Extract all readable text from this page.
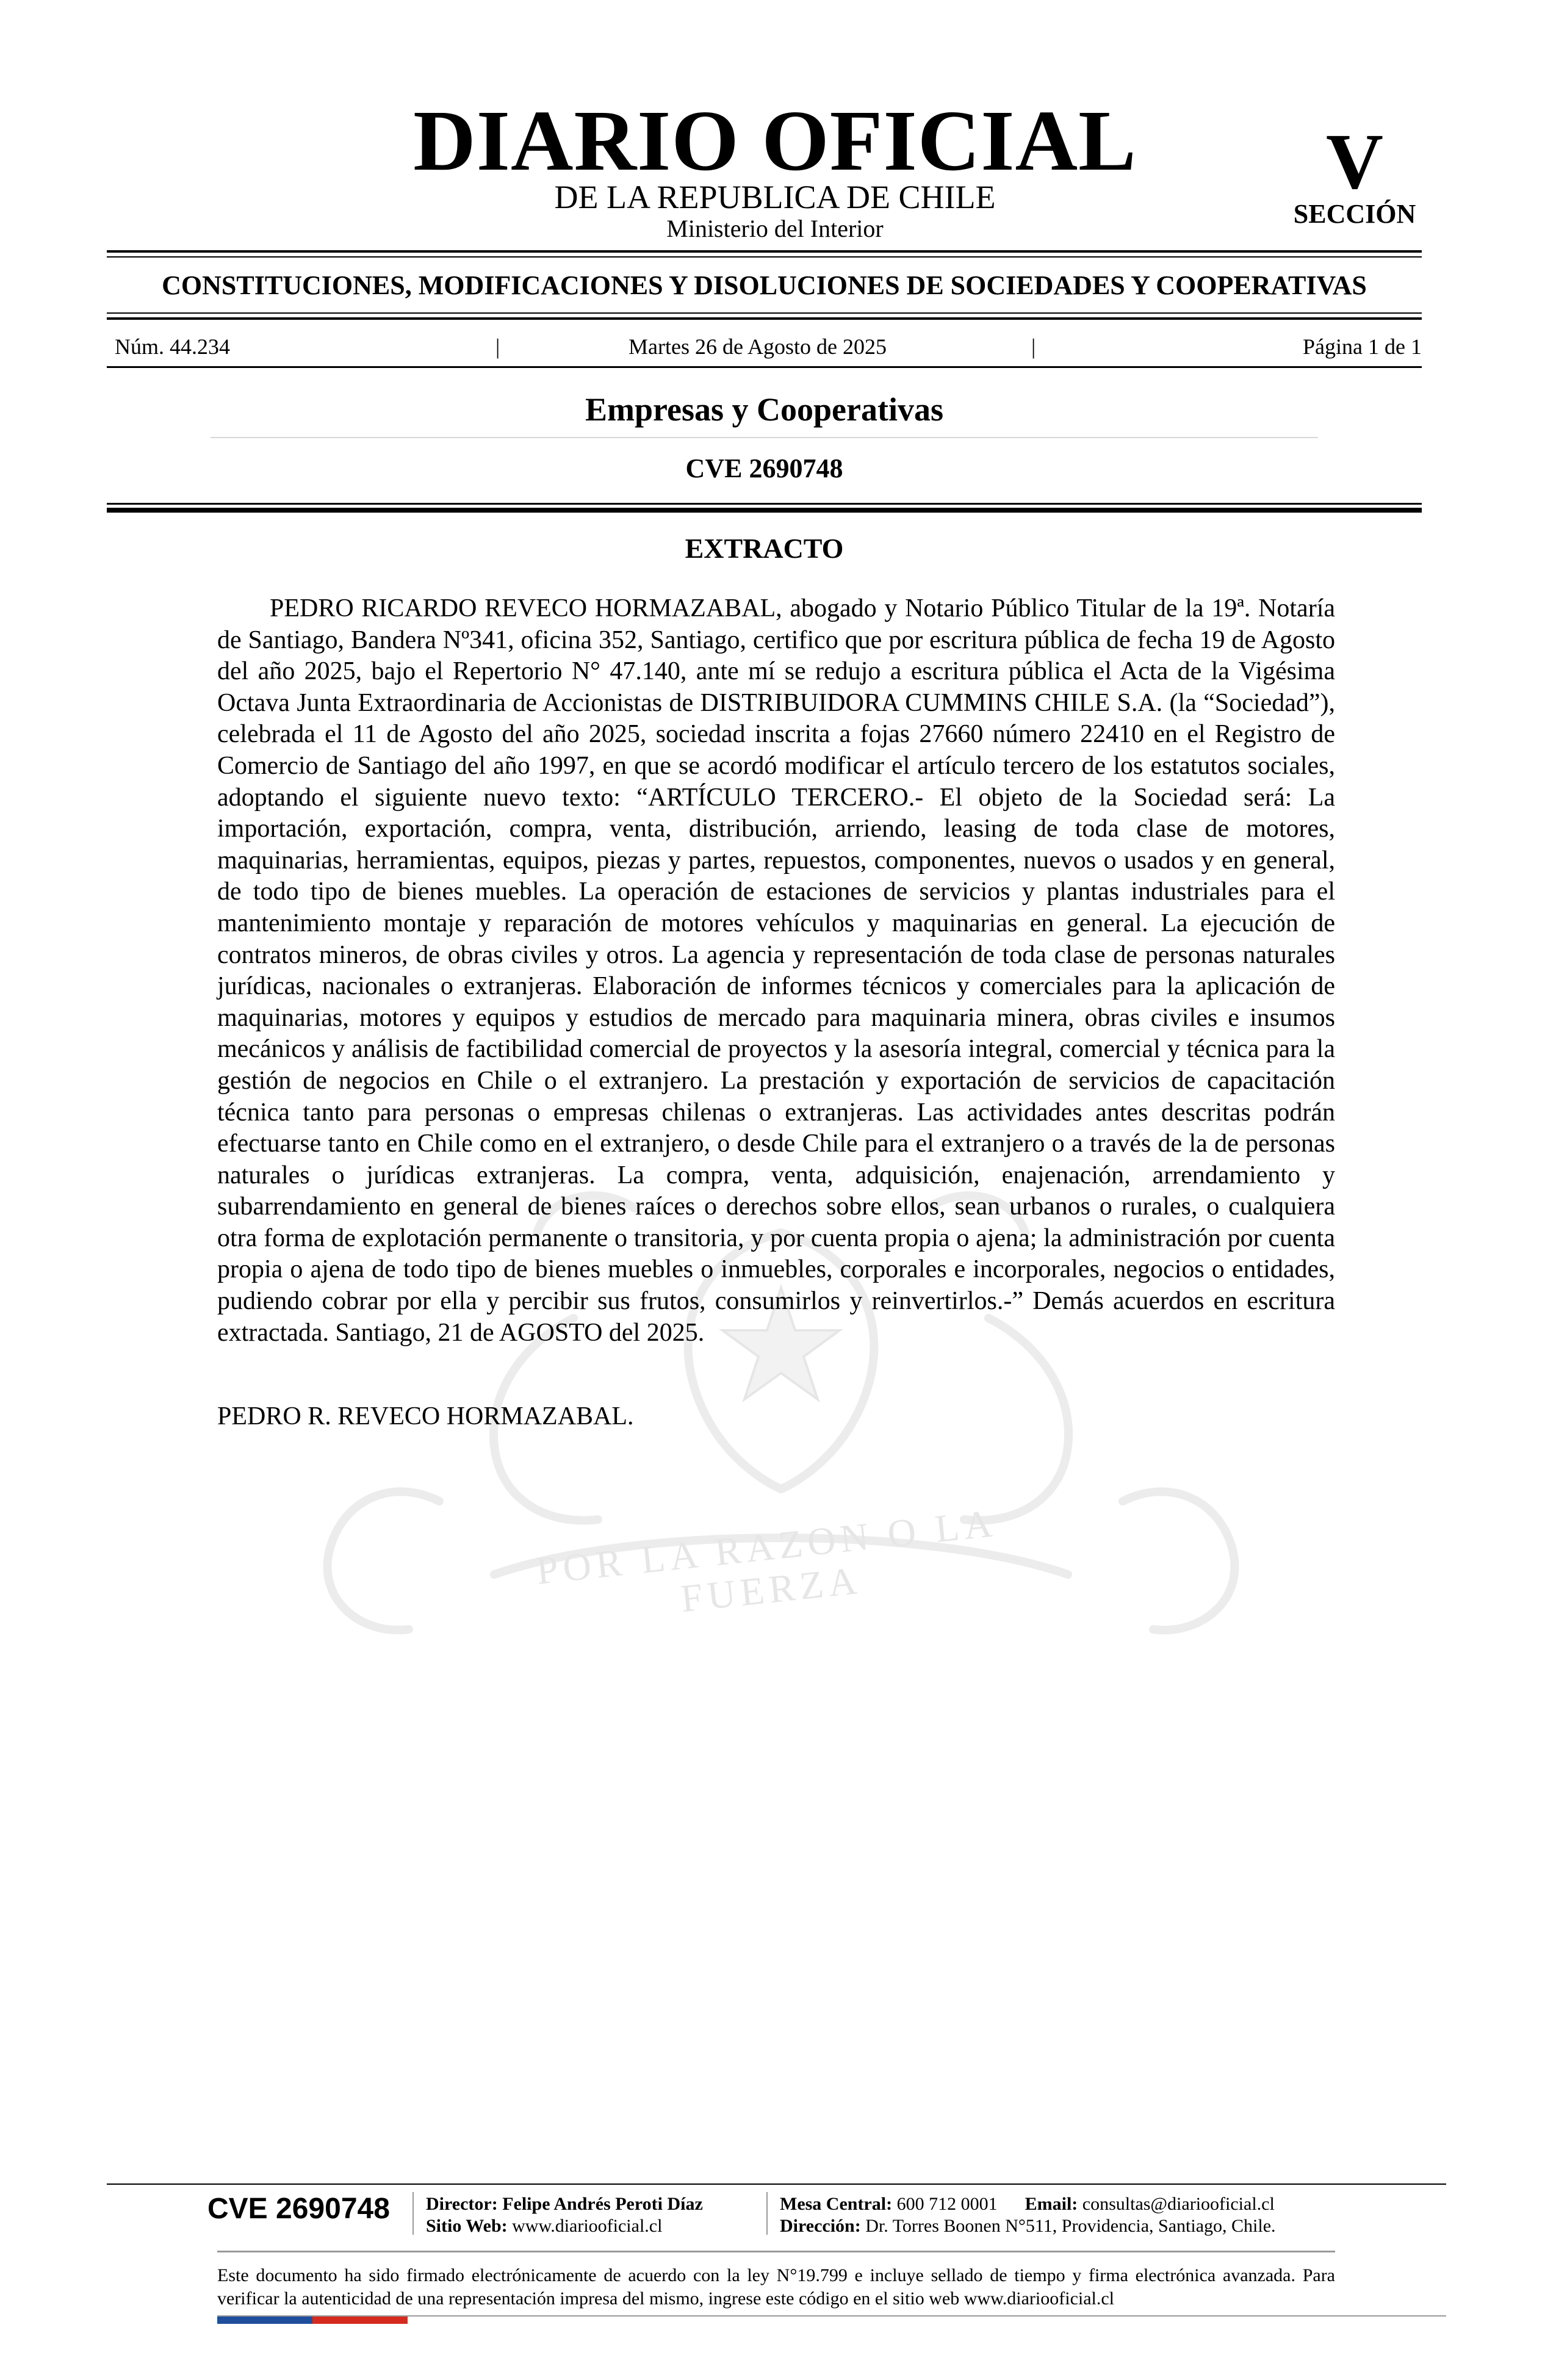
POR LA RAZON O LA FUERZA
DIARIO OFICIAL
DE LA REPUBLICA DE CHILE
Ministerio del Interior
V
SECCIÓN
CONSTITUCIONES, MODIFICACIONES Y DISOLUCIONES DE SOCIEDADES Y COOPERATIVAS
Núm. 44.234	|	Martes 26 de Agosto de 2025	|	Página 1 de 1
Empresas y Cooperativas
CVE 2690748
EXTRACTO

PEDRO RICARDO REVECO HORMAZABAL, abogado y Notario Público Titular de la 19ª. Notaría de Santiago, Bandera Nº341, oficina 352, Santiago, certifico que por escritura pública de fecha 19 de Agosto del año 2025, bajo el Repertorio N° 47.140, ante mí se redujo a escritura pública el Acta de la Vigésima Octava Junta Extraordinaria de Accionistas de DISTRIBUIDORA CUMMINS CHILE S.A. (la “Sociedad”), celebrada el 11 de Agosto del año 2025, sociedad inscrita a fojas 27660 número 22410 en el Registro de Comercio de Santiago del año 1997, en que se acordó modificar el artículo tercero de los estatutos sociales, adoptando el siguiente nuevo texto: “ARTÍCULO TERCERO.- El objeto de la Sociedad será: La importación, exportación, compra, venta, distribución, arriendo, leasing de toda clase de motores, maquinarias, herramientas, equipos, piezas y partes, repuestos, componentes, nuevos o usados y en general, de todo tipo de bienes muebles. La operación de estaciones de servicios y plantas industriales para el mantenimiento montaje y reparación de motores vehículos y maquinarias en general. La ejecución de contratos mineros, de obras civiles y otros. La agencia y representación de toda clase de personas naturales jurídicas, nacionales o extranjeras. Elaboración de informes técnicos y comerciales para la aplicación de maquinarias, motores y equipos y estudios de mercado para maquinaria minera, obras civiles e insumos mecánicos y análisis de factibilidad comercial de proyectos y la asesoría integral, comercial y técnica para la gestión de negocios en Chile o el extranjero. La prestación y exportación de servicios de capacitación técnica tanto para personas o empresas chilenas o extranjeras. Las actividades antes descritas podrán efectuarse tanto en Chile como en el extranjero, o desde Chile para el extranjero o a través de la de personas naturales o jurídicas extranjeras. La compra, venta, adquisición, enajenación, arrendamiento y subarrendamiento en general de bienes raíces o derechos sobre ellos, sean urbanos o rurales, o cualquiera otra forma de explotación permanente o transitoria, y por cuenta propia o ajena; la administración por cuenta propia o ajena de todo tipo de bienes muebles o inmuebles, corporales e incorporales, negocios o entidades, pudiendo cobrar por ella y percibir sus frutos, consumirlos y reinvertirlos.-” Demás acuerdos en escritura extractada. Santiago, 21 de AGOSTO del 2025.

PEDRO R. REVECO HORMAZABAL.
CVE 2690748	Director: Felipe Andrés Peroti Díaz
Sitio Web: www.diariooficial.cl
Mesa Central: 600 712 0001 Email: consultas@diariooficial.cl
Dirección: Dr. Torres Boonen N°511, Providencia, Santiago, Chile.

Este documento ha sido firmado electrónicamente de acuerdo con la ley N°19.799 e incluye sellado de tiempo y firma electrónica avanzada. Para verificar la autenticidad de una representación impresa del mismo, ingrese este código en el sitio web www.diariooficial.cl
